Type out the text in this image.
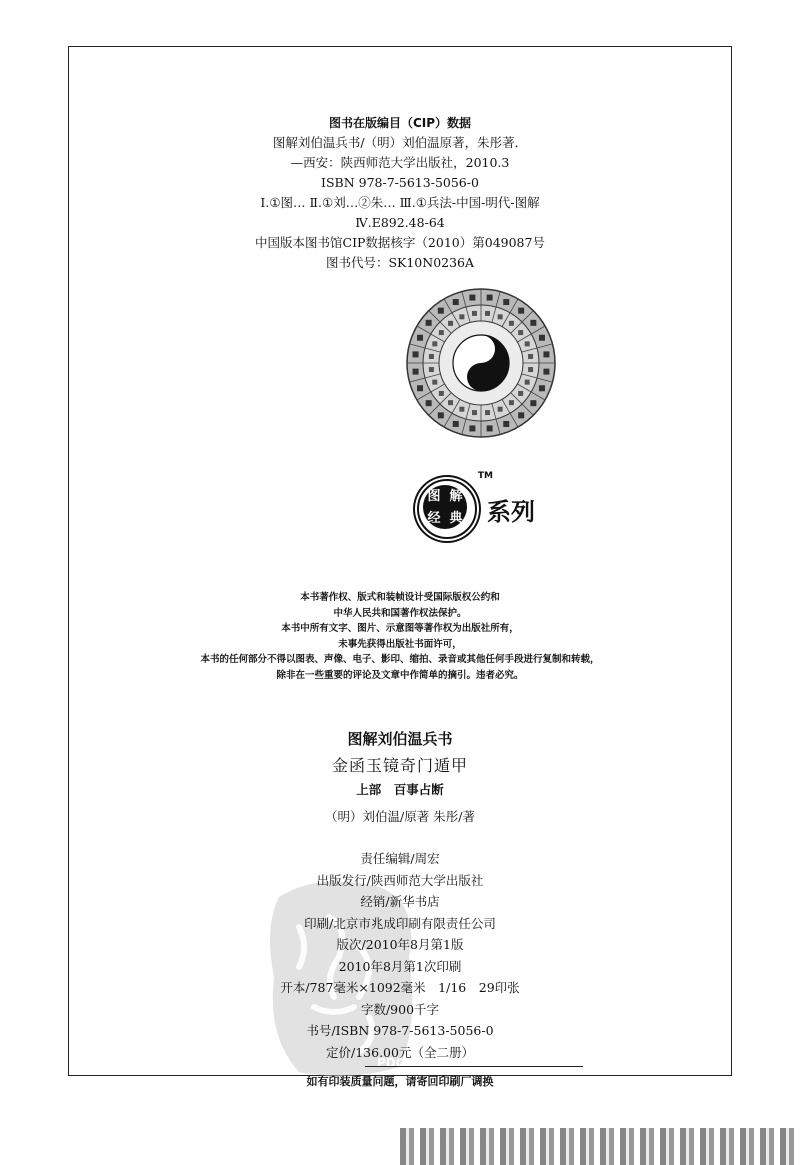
图书在版编目（CIP）数据
图解刘伯温兵书/（明）刘伯温原著，朱彤著．
—西安：陕西师范大学出版社，2010.3
ISBN 978-7-5613-5056-0
Ⅰ.①图… Ⅱ.①刘…②朱… Ⅲ.①兵法-中国-明代-图解
Ⅳ.E892.48-64
中国版本图书馆CIP数据核字（2010）第049087号
图书代号：SK10N0236A
图 解
经 典
TM
系列
本书著作权、版式和装帧设计受国际版权公约和
中华人民共和国著作权法保护。
本书中所有文字、图片、示意图等著作权为出版社所有，
未事先获得出版社书面许可，
本书的任何部分不得以图表、声像、电子、影印、缩拍、录音或其他任何手段进行复制和转载，
除非在一些重要的评论及文章中作简单的摘引。违者必究。
图解刘伯温兵书
金函玉镜奇门遁甲
上部　百事占断
（明）刘伯温/原著 朱彤/著
PDG
责任编辑/周宏
出版发行/陕西师范大学出版社
经销/新华书店
印刷/北京市兆成印刷有限责任公司
版次/2010年8月第1版
2010年8月第1次印刷
开本/787毫米×1092毫米　1/16　29印张
字数/900千字
书号/ISBN 978-7-5613-5056-0
定价/136.00元（全二册）
如有印装质量问题，请寄回印刷厂调换
